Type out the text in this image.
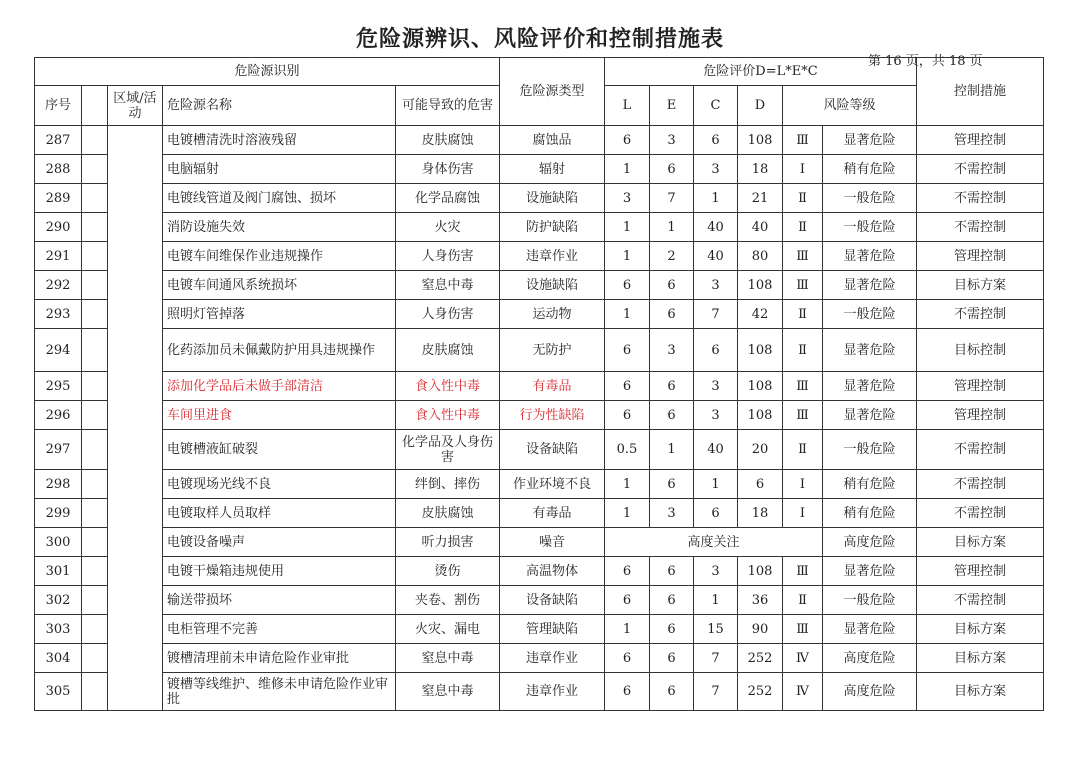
危险源辨识、风险评价和控制措施表
第 16 页，共 18 页
危险源识别					危险源类型	危险评价D=L*E*C						控制措施
序号		区域/活动	危险源名称	可能导致的危害		L	E	C	D	风险等级		
287			电镀槽清洗时溶液残留	皮肤腐蚀	腐蚀品	6	3	6	108	Ⅲ	显著危险	管理控制
288			电脑辐射	身体伤害	辐射	1	6	3	18	Ⅰ	稍有危险	不需控制
289			电镀线管道及阀门腐蚀、损坏	化学品腐蚀	设施缺陷	3	7	1	21	Ⅱ	一般危险	不需控制
290			消防设施失效	火灾	防护缺陷	1	1	40	40	Ⅱ	一般危险	不需控制
291			电镀车间维保作业违规操作	人身伤害	违章作业	1	2	40	80	Ⅲ	显著危险	管理控制
292			电镀车间通风系统损坏	窒息中毒	设施缺陷	6	6	3	108	Ⅲ	显著危险	目标方案
293			照明灯管掉落	人身伤害	运动物	1	6	7	42	Ⅱ	一般危险	不需控制
294			化药添加员未佩戴防护用具违规操作	皮肤腐蚀	无防护	6	3	6	108	Ⅱ	显著危险	目标控制
295			添加化学品后未做手部清洁	食入性中毒	有毒品	6	6	3	108	Ⅲ	显著危险	管理控制
296			车间里进食	食入性中毒	行为性缺陷	6	6	3	108	Ⅲ	显著危险	管理控制
297			电镀槽液缸破裂	化学品及人身伤害	设备缺陷	0.5	1	40	20	Ⅱ	一般危险	不需控制
298			电镀现场光线不良	绊倒、摔伤	作业环境不良	1	6	1	6	Ⅰ	稍有危险	不需控制
299			电镀取样人员取样	皮肤腐蚀	有毒品	1	3	6	18	Ⅰ	稍有危险	不需控制
300			电镀设备噪声	听力损害	噪音	高度关注					高度危险	目标方案
301			电镀干燥箱违规使用	烫伤	高温物体	6	6	3	108	Ⅲ	显著危险	管理控制
302			输送带损坏	夹卷、割伤	设备缺陷	6	6	1	36	Ⅱ	一般危险	不需控制
303			电柜管理不完善	火灾、漏电	管理缺陷	1	6	15	90	Ⅲ	显著危险	目标方案
304			镀槽清理前未申请危险作业审批	窒息中毒	违章作业	6	6	7	252	Ⅳ	高度危险	目标方案
305			镀槽等线维护、维修未申请危险作业审批	窒息中毒	违章作业	6	6	7	252	Ⅳ	高度危险	目标方案
